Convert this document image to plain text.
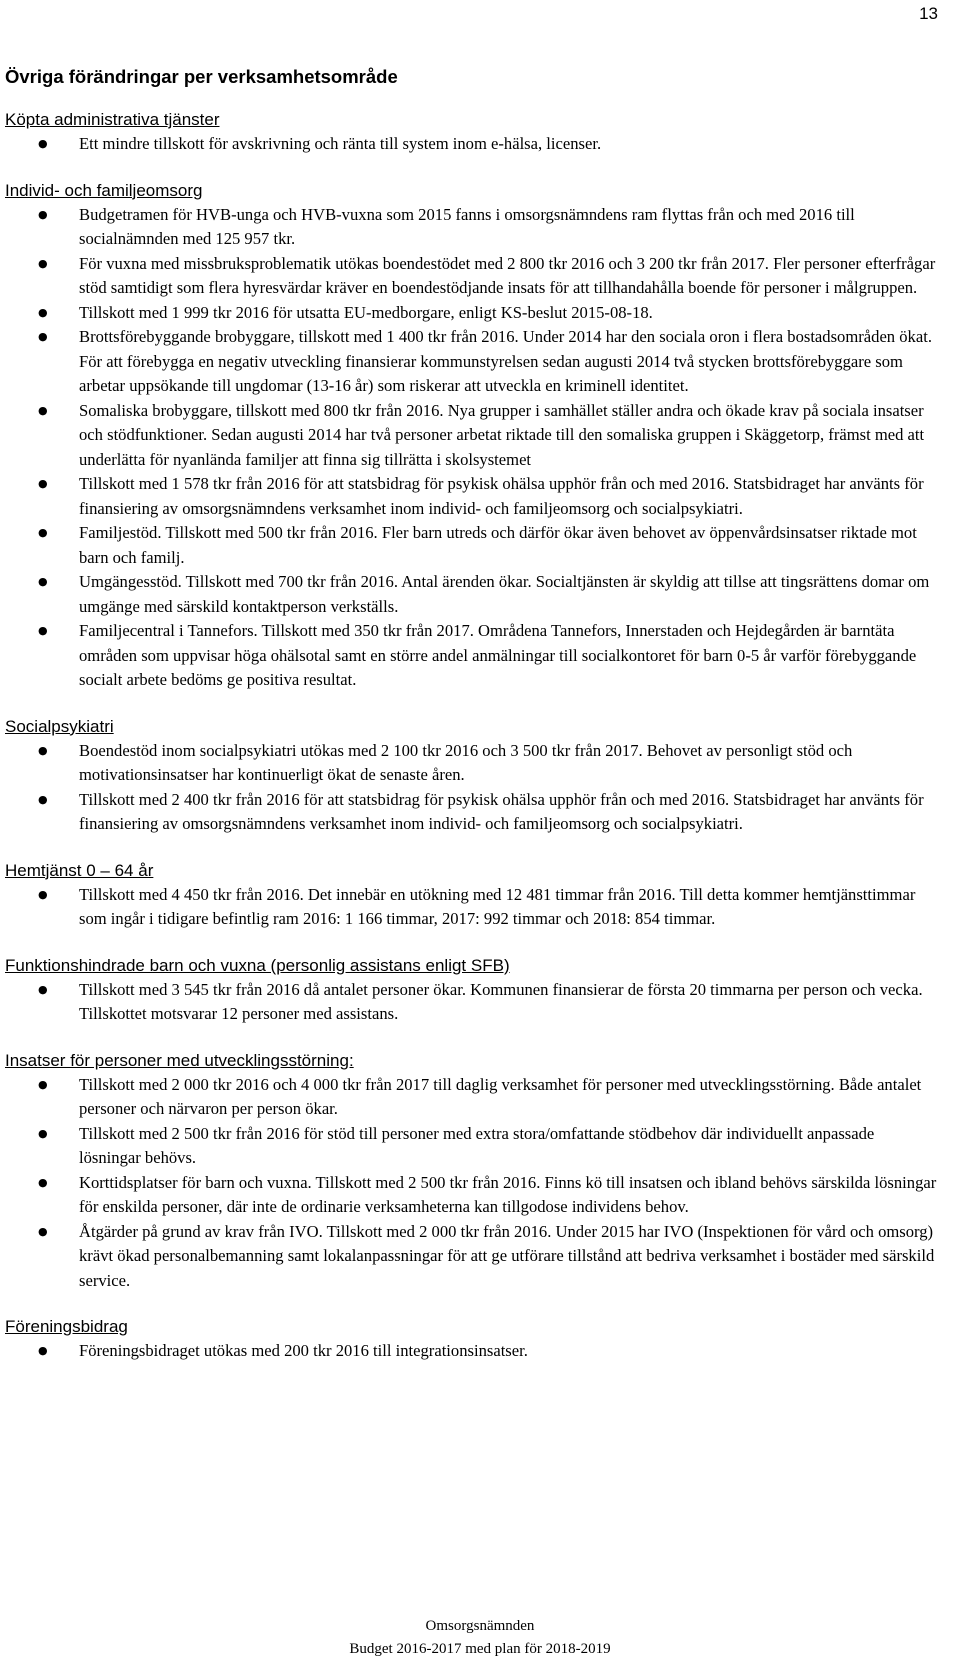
13
Övriga förändringar per verksamhetsområde
Köpta administrativa tjänster
● Ett mindre tillskott för avskrivning och ränta till system inom e-hälsa, licenser.
Individ- och familjeomsorg
● Budgetramen för HVB-unga och HVB-vuxna som 2015 fanns i omsorgsnämndens ram flyttas från och med 2016 till socialnämnden med 125 957 tkr.
● För vuxna med missbruksproblematik utökas boendestödet med 2 800 tkr 2016 och 3 200 tkr från 2017. Fler personer efterfrågar stöd samtidigt som flera hyresvärdar kräver en boendestödjande insats för att tillhandahålla boende för personer i målgruppen.
● Tillskott med 1 999 tkr 2016 för utsatta EU-medborgare, enligt KS-beslut 2015-08-18.
● Brottsförebyggande brobyggare, tillskott med 1 400 tkr från 2016. Under 2014 har den sociala oron i flera bostadsområden ökat. För att förebygga en negativ utveckling finansierar kommunstyrelsen sedan augusti 2014 två stycken brottsförebyggare som arbetar uppsökande till ungdomar (13-16 år) som riskerar att utveckla en kriminell identitet.
● Somaliska brobyggare, tillskott med 800 tkr från 2016. Nya grupper i samhället ställer andra och ökade krav på sociala insatser och stödfunktioner. Sedan augusti 2014 har två personer arbetat riktade till den somaliska gruppen i Skäggetorp, främst med att underlätta för nyanlända familjer att finna sig tillrätta i skolsystemet
● Tillskott med 1 578 tkr från 2016 för att statsbidrag för psykisk ohälsa upphör från och med 2016. Statsbidraget har använts för finansiering av omsorgsnämndens verksamhet inom individ- och familjeomsorg och socialpsykiatri.
● Familjestöd. Tillskott med 500 tkr från 2016. Fler barn utreds och därför ökar även behovet av öppenvårdsinsatser riktade mot barn och familj.
● Umgängesstöd. Tillskott med 700 tkr från 2016. Antal ärenden ökar. Socialtjänsten är skyldig att tillse att tingsrättens domar om umgänge med särskild kontaktperson verkställs.
● Familjecentral i Tannefors. Tillskott med 350 tkr från 2017. Områdena Tannefors, Innerstaden och Hejdegården är barntäta områden som uppvisar höga ohälsotal samt en större andel anmälningar till socialkontoret för barn 0-5 år varför förebyggande socialt arbete bedöms ge positiva resultat.
Socialpsykiatri
● Boendestöd inom socialpsykiatri utökas med 2 100 tkr 2016 och 3 500 tkr från 2017. Behovet av personligt stöd och motivationsinsatser har kontinuerligt ökat de senaste åren.
● Tillskott med 2 400 tkr från 2016 för att statsbidrag för psykisk ohälsa upphör från och med 2016. Statsbidraget har använts för finansiering av omsorgsnämndens verksamhet inom individ- och familjeomsorg och socialpsykiatri.
Hemtjänst 0 – 64 år
● Tillskott med 4 450 tkr från 2016. Det innebär en utökning med 12 481 timmar från 2016. Till detta kommer hemtjänsttimmar som ingår i tidigare befintlig ram 2016: 1 166 timmar, 2017: 992 timmar och 2018: 854 timmar.
Funktionshindrade barn och vuxna (personlig assistans enligt SFB)
● Tillskott med 3 545 tkr från 2016 då antalet personer ökar. Kommunen finansierar de första 20 timmarna per person och vecka. Tillskottet motsvarar 12 personer med assistans.
Insatser för personer med utvecklingsstörning:
● Tillskott med 2 000 tkr 2016 och 4 000 tkr från 2017 till daglig verksamhet för personer med utvecklingsstörning. Både antalet personer och närvaron per person ökar.
● Tillskott med 2 500 tkr från 2016 för stöd till personer med extra stora/omfattande stödbehov där individuellt anpassade lösningar behövs.
● Korttidsplatser för barn och vuxna. Tillskott med 2 500 tkr från 2016. Finns kö till insatsen och ibland behövs särskilda lösningar för enskilda personer, där inte de ordinarie verksamheterna kan tillgodose individens behov.
● Åtgärder på grund av krav från IVO. Tillskott med 2 000 tkr från 2016. Under 2015 har IVO (Inspektionen för vård och omsorg) krävt ökad personalbemanning samt lokalanpassningar för att ge utförare tillstånd att bedriva verksamhet i bostäder med särskild service.
Föreningsbidrag
● Föreningsbidraget utökas med 200 tkr 2016 till integrationsinsatser.
Omsorgsnämnden
Budget 2016-2017 med plan för 2018-2019
